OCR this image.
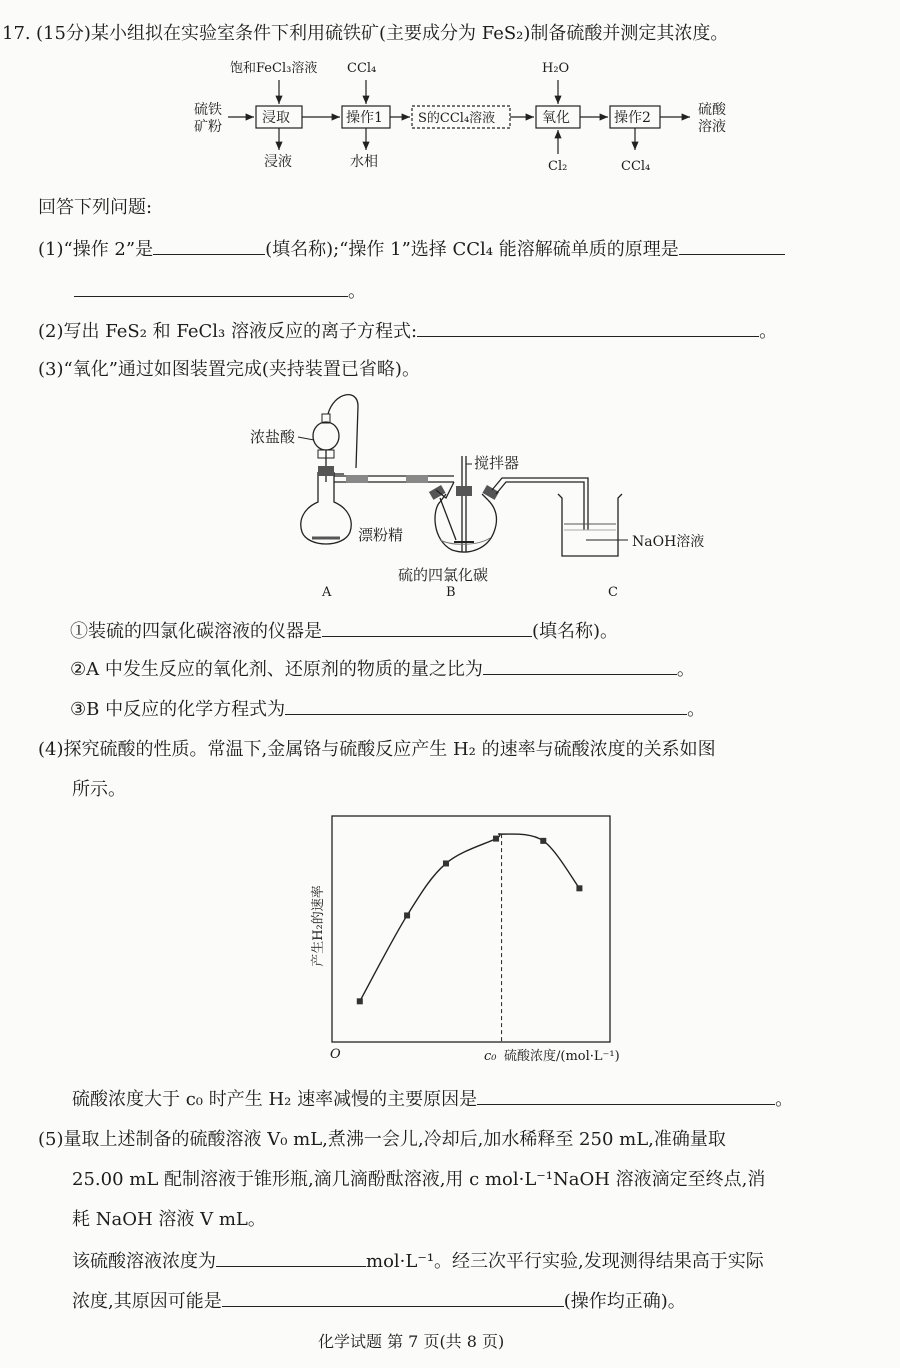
17. (15分)某小组拟在实验室条件下利用硫铁矿(主要成分为 FeS₂)制备硫酸并测定其浓度。
硫铁
矿粉
浸取
饱和FeCl₃溶液
浸液
操作1
CCl₄
水相
S的CCl₄溶液	氧化
H₂O
Cl₂
操作2
CCl₄
硫酸
溶液
回答下列问题:
(1)“操作 2”是	(填名称);“操作 1”选择 CCl₄ 能溶解硫单质的原理是
。
(2)写出 FeS₂ 和 FeCl₃ 溶液反应的离子方程式:	。
(3)“氧化”通过如图装置完成(夹持装置已省略)。
浓盐酸
漂粉精
搅拌器
NaOH溶液
硫的四氯化碳
A	B	C
①装硫的四氯化碳溶液的仪器是	(填名称)。
②A 中发生反应的氧化剂、还原剂的物质的量之比为	。
③B 中反应的化学方程式为	。
(4)探究硫酸的性质。常温下,金属铬与硫酸反应产生 H₂ 的速率与硫酸浓度的关系如图
所示。
产生H₂的速率
O	c₀ 硫酸浓度/(mol·L⁻¹)
硫酸浓度大于 c₀ 时产生 H₂ 速率减慢的主要原因是	。
(5)量取上述制备的硫酸溶液 V₀ mL,煮沸一会儿,冷却后,加水稀释至 250 mL,准确量取
25.00 mL 配制溶液于锥形瓶,滴几滴酚酞溶液,用 c mol·L⁻¹NaOH 溶液滴定至终点,消
耗 NaOH 溶液 V mL。
该硫酸溶液浓度为	mol·L⁻¹。经三次平行实验,发现测得结果高于实际
浓度,其原因可能是	(操作均正确)。
化学试题 第 7 页(共 8 页)
